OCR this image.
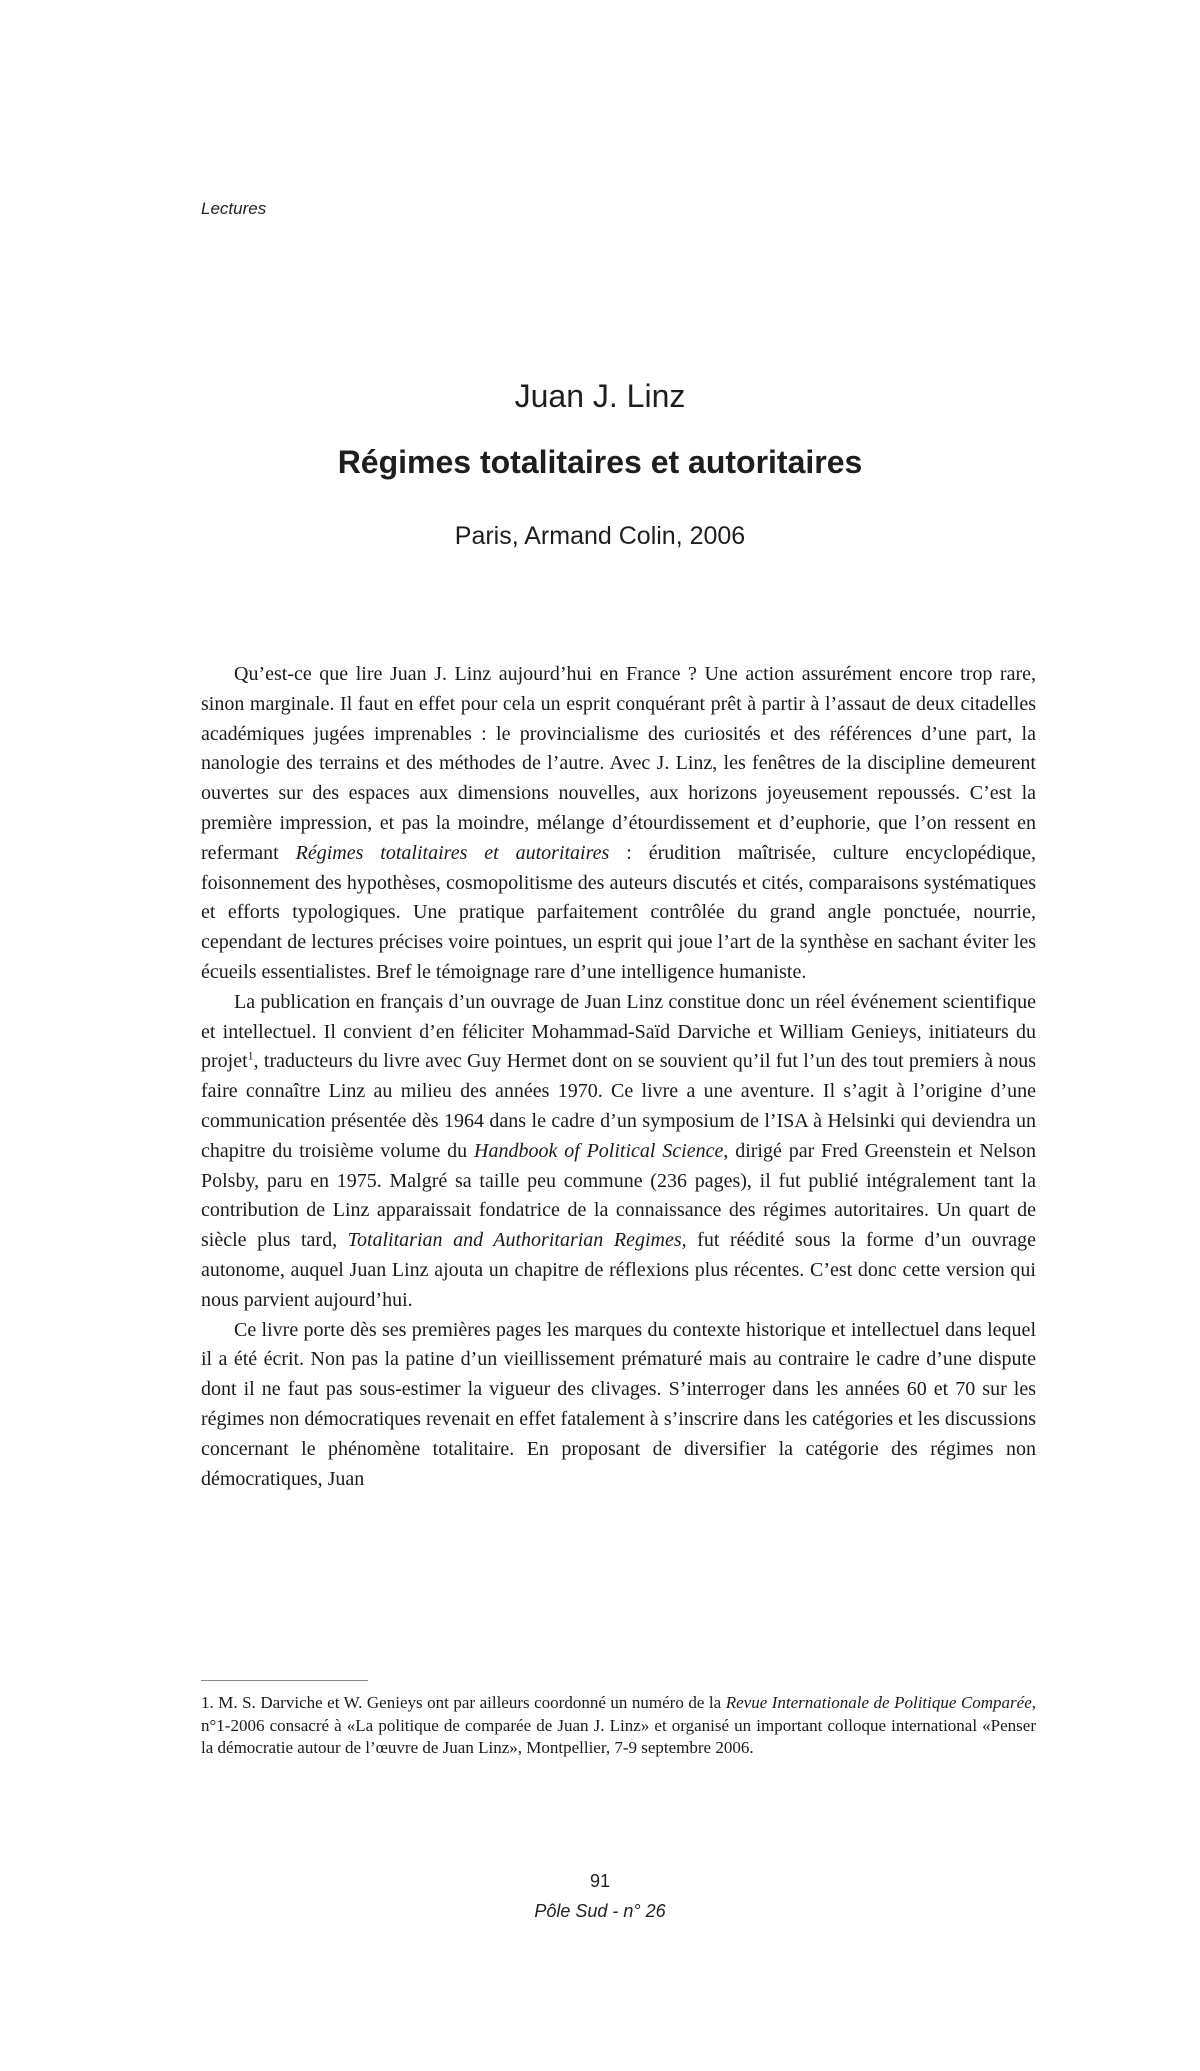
Lectures
Juan J. Linz
Régimes totalitaires et autoritaires
Paris, Armand Colin, 2006

Qu’est-ce que lire Juan J. Linz aujourd’hui en France ? Une action assurément encore trop rare, sinon marginale. Il faut en effet pour cela un esprit conquérant prêt à partir à l’assaut de deux citadelles académiques jugées imprenables : le provincialisme des curiosités et des références d’une part, la nanologie des terrains et des méthodes de l’autre. Avec J. Linz, les fenêtres de la discipline demeurent ouvertes sur des espaces aux dimensions nouvelles, aux horizons joyeusement repoussés. C’est la première impression, et pas la moindre, mélange d’étourdissement et d’euphorie, que l’on ressent en refermant Régimes totalitaires et autoritaires : érudition maîtrisée, culture encyclopédique, foisonnement des hypothèses, cosmopolitisme des auteurs discutés et cités, comparaisons systématiques et efforts typologiques. Une pratique parfaitement contrôlée du grand angle ponctuée, nourrie, cependant de lectures précises voire pointues, un esprit qui joue l’art de la synthèse en sachant éviter les écueils essentialistes. Bref le témoignage rare d’une intelligence humaniste.

La publication en français d’un ouvrage de Juan Linz constitue donc un réel événement scientifique et intellectuel. Il convient d’en féliciter Mohammad-Saïd Darviche et William Genieys, initiateurs du projet$^1$, traducteurs du livre avec Guy Hermet dont on se souvient qu’il fut l’un des tout premiers à nous faire connaître Linz au milieu des années 1970. Ce livre a une aventure. Il s’agit à l’origine d’une communication présentée dès 1964 dans le cadre d’un symposium de l’ISA à Helsinki qui deviendra un chapitre du troisième volume du Handbook of Political Science, dirigé par Fred Greenstein et Nelson Polsby, paru en 1975. Malgré sa taille peu commune (236 pages), il fut publié intégralement tant la contribution de Linz apparaissait fondatrice de la connaissance des régimes autoritaires. Un quart de siècle plus tard, Totalitarian and Authoritarian Regimes, fut réédité sous la forme d’un ouvrage autonome, auquel Juan Linz ajouta un chapitre de réflexions plus récentes. C’est donc cette version qui nous parvient aujourd’hui.

Ce livre porte dès ses premières pages les marques du contexte historique et intellectuel dans lequel il a été écrit. Non pas la patine d’un vieillissement prématuré mais au contraire le cadre d’une dispute dont il ne faut pas sous-estimer la vigueur des clivages. S’interroger dans les années 60 et 70 sur les régimes non démocratiques revenait en effet fatalement à s’inscrire dans les catégories et les discussions concernant le phénomène totalitaire. En proposant de diversifier la catégorie des régimes non démocratiques, Juan

1. M. S. Darviche et W. Genieys ont par ailleurs coordonné un numéro de la Revue Internationale de Politique Comparée, n°1-2006 consacré à «La politique de comparée de Juan J. Linz» et organisé un important colloque international «Penser la démocratie autour de l’œuvre de Juan Linz», Montpellier, 7-9 septembre 2006.

91
Pôle Sud - n° 26
